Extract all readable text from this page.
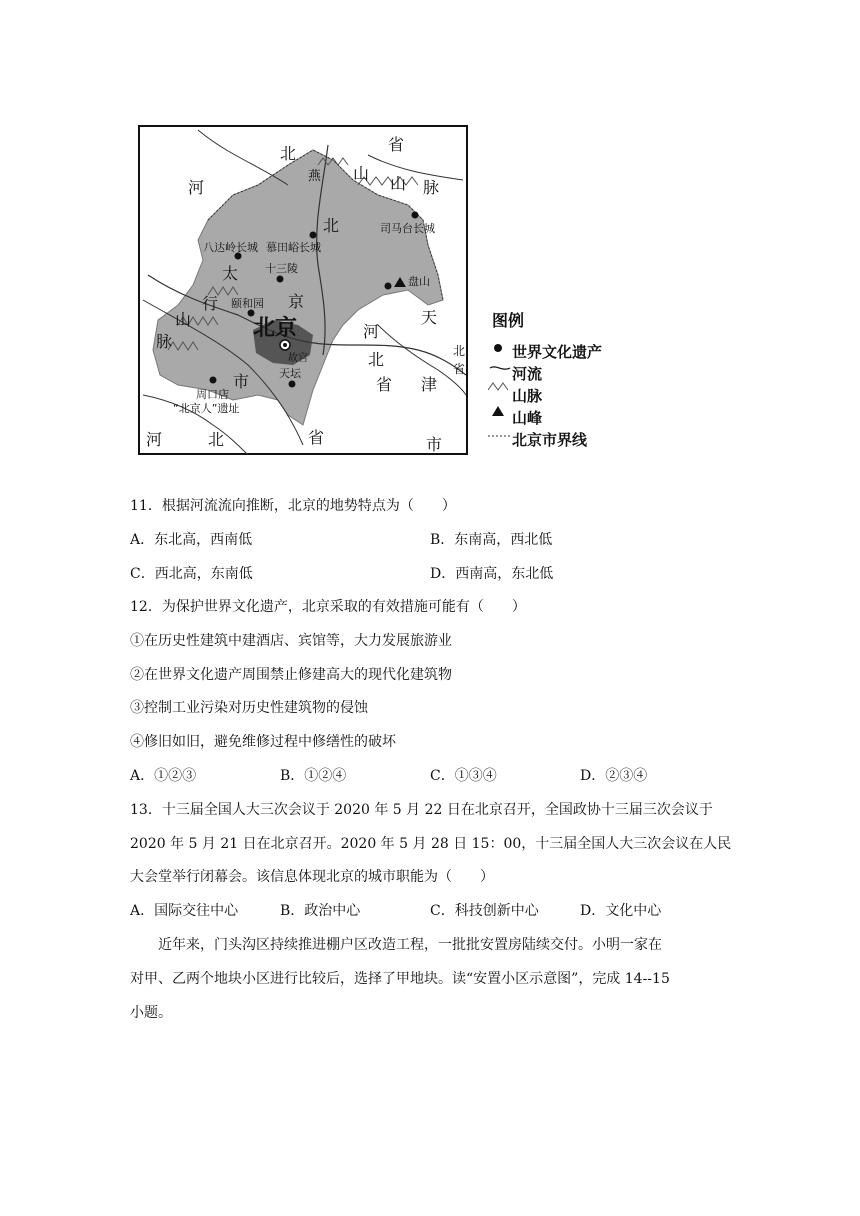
省
北
河
山
山 脉
燕
北
太
行	京
山
脉
市
河
北
省
天
津
市
河	北	省
北
省
北京
八达岭长城 慕田峪长城
司马台长城
十三陵
颐和园
故宫
天坛
周口店
“北京人”遗址
盘山
图例
世界文化遗产
河流
山脉
山峰
北京市界线
11．根据河流流向推断，北京的地势特点为（　　）
A．东北高，西南低	B．东南高，西北低
C．西北高，东南低	D．西南高，东北低
12．为保护世界文化遗产，北京采取的有效措施可能有（　　）
①在历史性建筑中建酒店、宾馆等，大力发展旅游业
②在世界文化遗产周围禁止修建高大的现代化建筑物
③控制工业污染对历史性建筑物的侵蚀
④修旧如旧，避免维修过程中修缮性的破坏
A．①②③	B．①②④	C．①③④	D．②③④
13．十三届全国人大三次会议于 2020 年 5 月 22 日在北京召开，全国政协十三届三次会议于
2020 年 5 月 21 日在北京召开。2020 年 5 月 28 日 15：00，十三届全国人大三次会议在人民
大会堂举行闭幕会。该信息体现北京的城市职能为（　　）
A．国际交往中心	B．政治中心	C．科技创新中心	D．文化中心
　　近年来，门头沟区持续推进棚户区改造工程，一批批安置房陆续交付。小明一家在
对甲、乙两个地块小区进行比较后，选择了甲地块。读“安置小区示意图”，完成 14--15
小题。
